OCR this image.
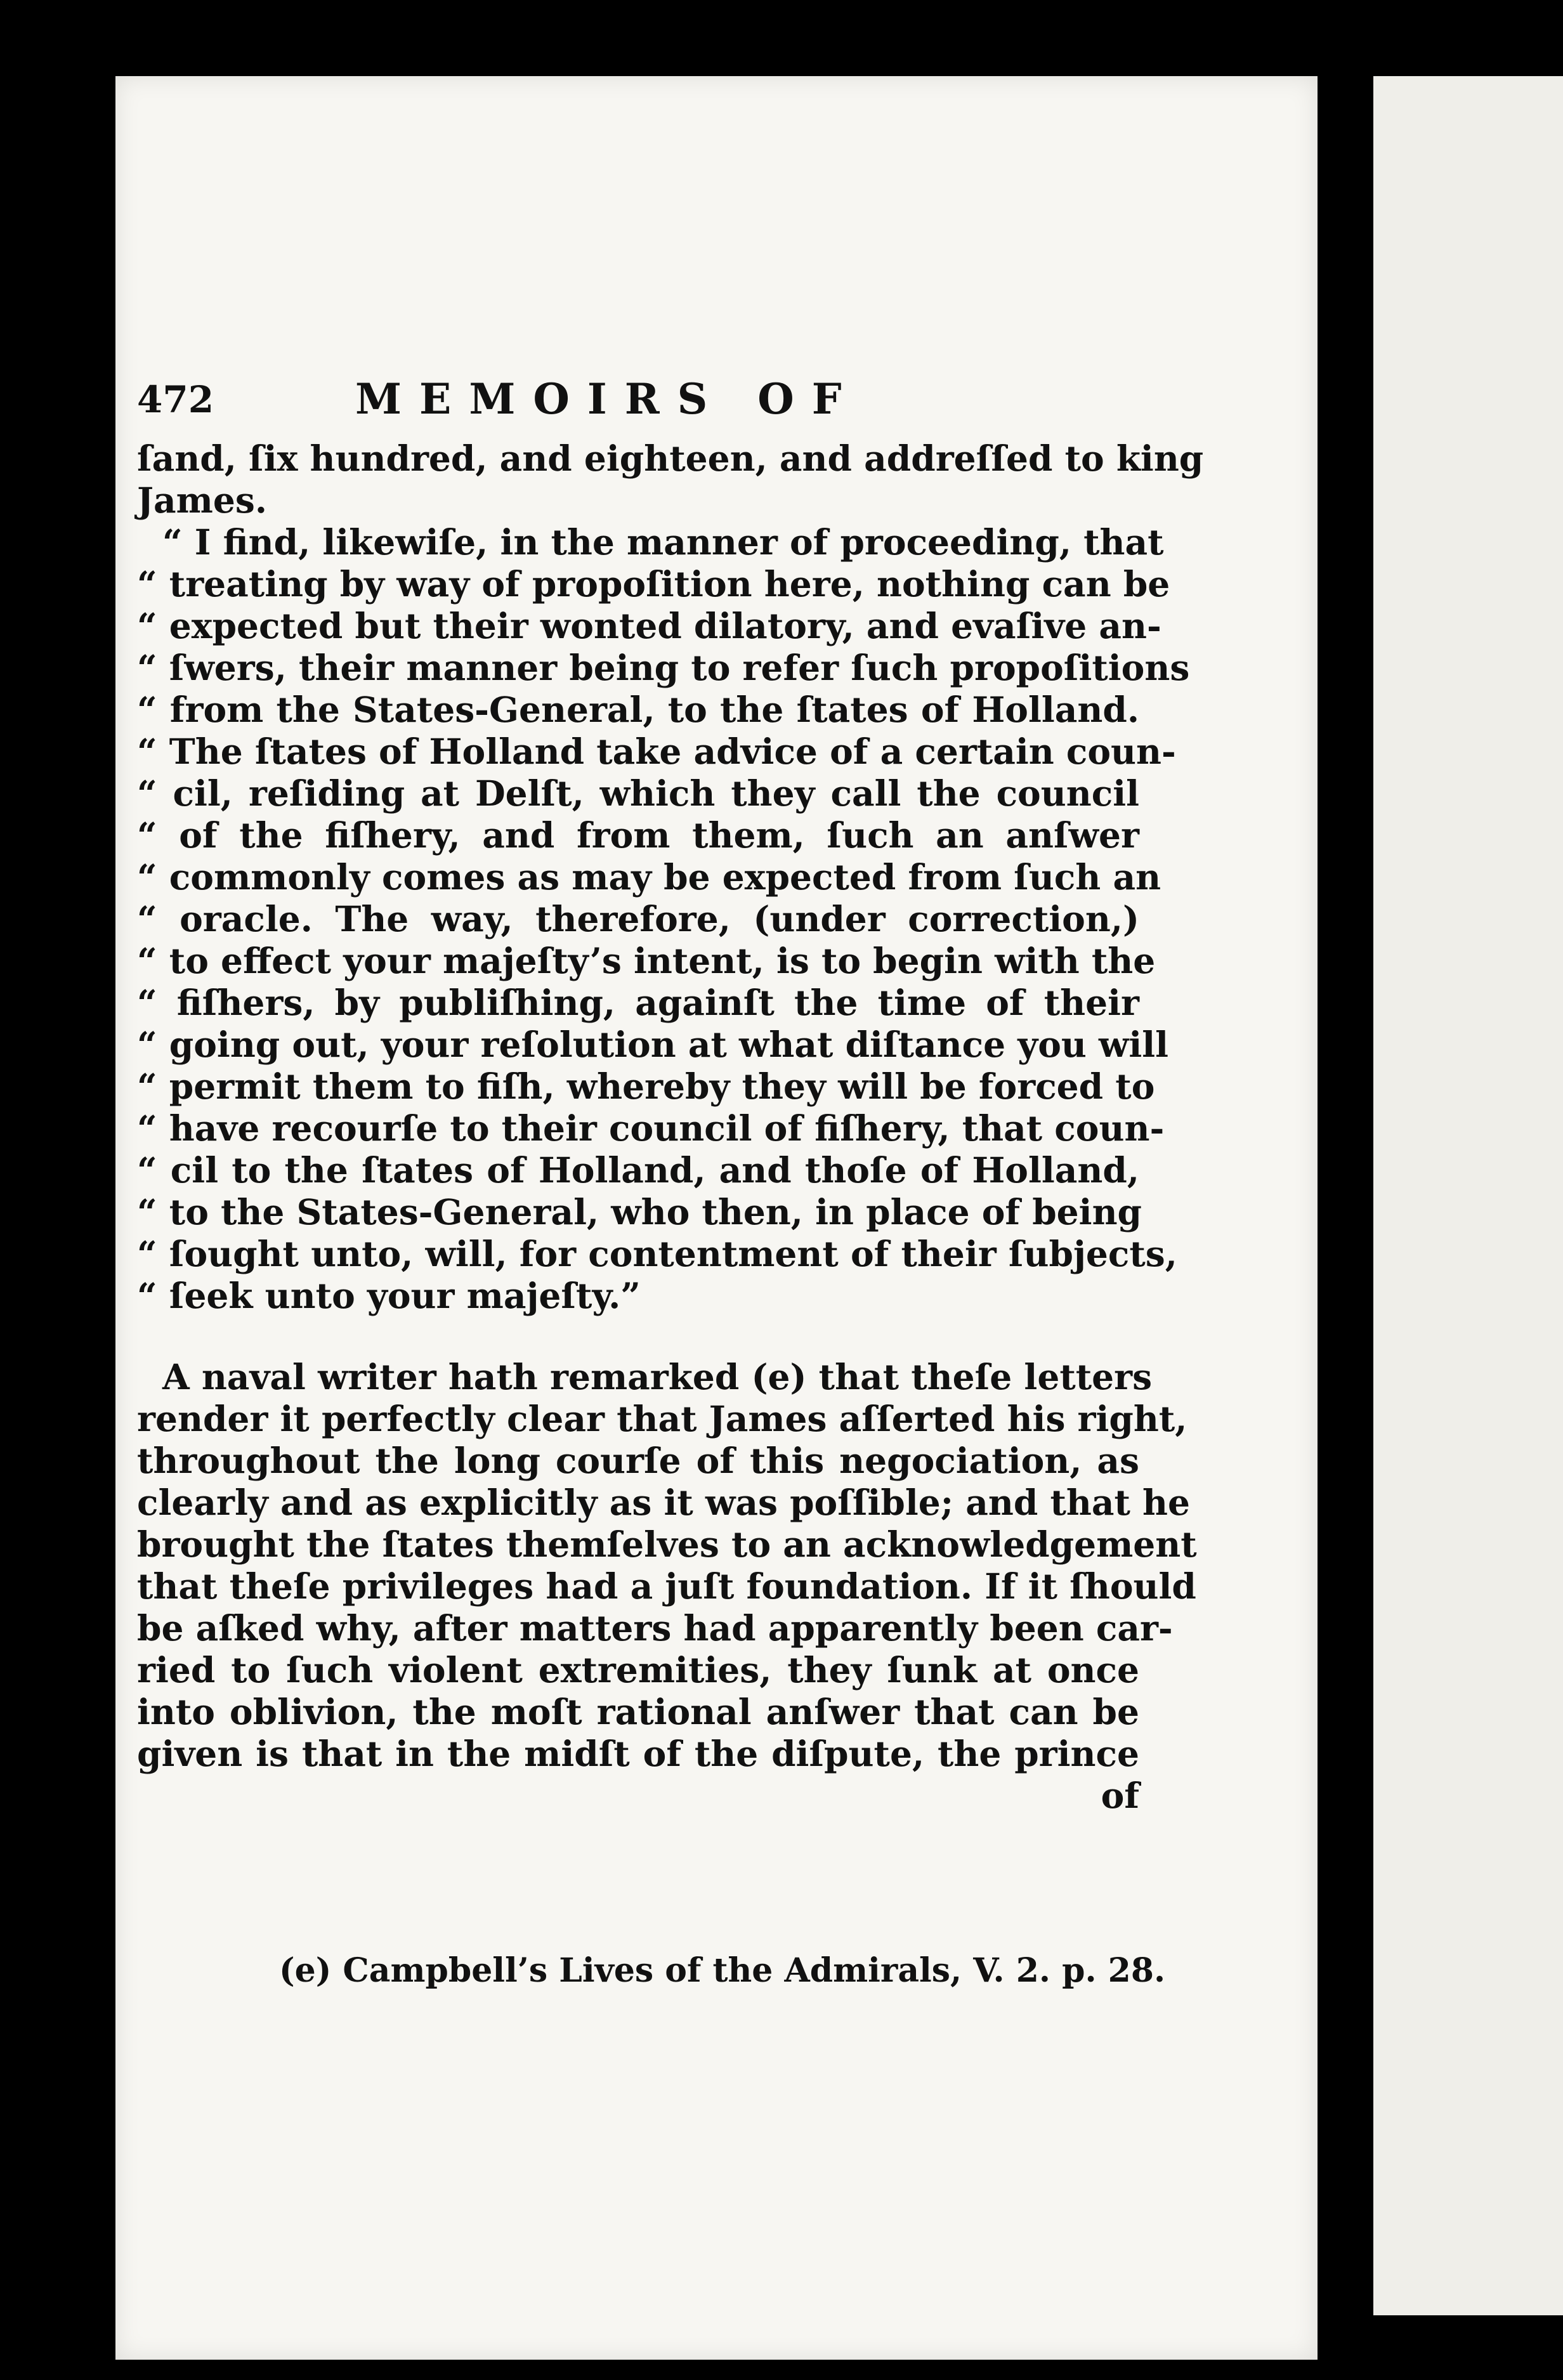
472	MEMOIRS OF
ſand, ſix hundred, and eighteen, and addreſſed to king
James.
“ I find, likewiſe, in the manner of proceeding, that
“ treating by way of propoſition here, nothing can be
“ expected but their wonted dilatory, and evaſive an-
“ ſwers, their manner being to refer ſuch propoſitions
“ from the States-General, to the ſtates of Holland.
“ The ſtates of Holland take advice of a certain coun-
“ cil, reſiding at Delſt, which they call the council
“ of the fiſhery, and from them, ſuch an anſwer
“ commonly comes as may be expected from ſuch an
“ oracle. The way, therefore, (under correction,)
“ to effect your majeſty’s intent, is to begin with the
“ fiſhers, by publiſhing, againſt the time of their
“ going out, your reſolution at what diſtance you will
“ permit them to fiſh, whereby they will be forced to
“ have recourſe to their council of fiſhery, that coun-
“ cil to the ſtates of Holland, and thoſe of Holland,
“ to the States-General, who then, in place of being
“ ſought unto, will, for contentment of their ſubjects,
“ ſeek unto your majeſty.”
A naval writer hath remarked (e) that theſe letters
render it perfectly clear that James aſſerted his right,
throughout the long courſe of this negociation, as
clearly and as explicitly as it was poſſible; and that he
brought the ſtates themſelves to an acknowledgement
that theſe privileges had a juſt foundation. If it ſhould
be aſked why, after matters had apparently been car-
ried to ſuch violent extremities, they ſunk at once
into oblivion, the moſt rational anſwer that can be
given is that in the midſt of the diſpute, the prince
of
(e) Campbell’s Lives of the Admirals, V. 2. p. 28.
